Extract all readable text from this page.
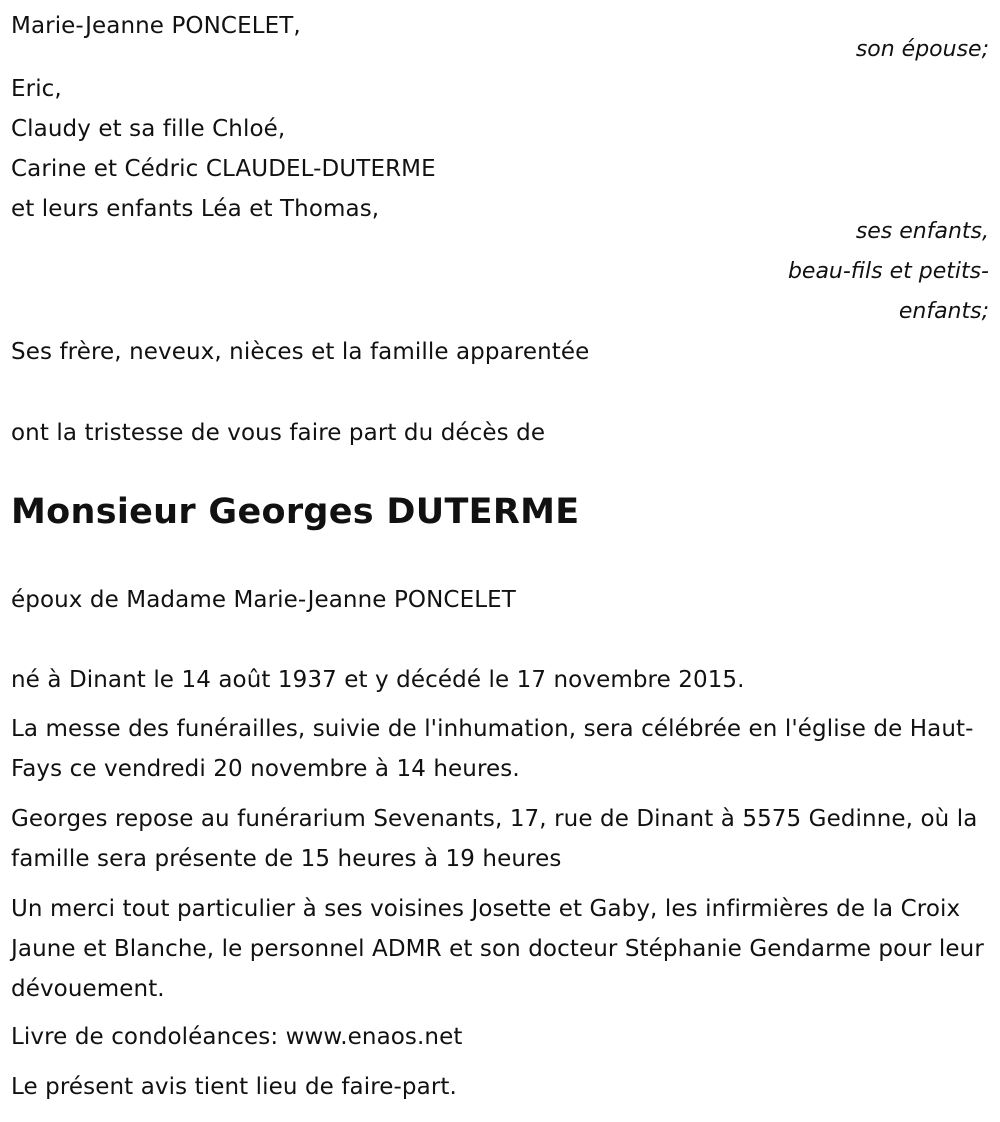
Marie-Jeanne PONCELET,
son épouse;
Eric,
Claudy et sa fille Chloé,
Carine et Cédric CLAUDEL-DUTERME
et leurs enfants Léa et Thomas,
ses enfants,
beau-fils et petits-
enfants;
Ses frère, neveux, nièces et la famille apparentée
ont la tristesse de vous faire part du décès de
Monsieur Georges DUTERME
époux de Madame Marie-Jeanne PONCELET
né à Dinant le 14 août 1937 et y décédé le 17 novembre 2015.
La messe des funérailles, suivie de l'inhumation, sera célébrée en l'église de Haut-Fays ce vendredi 20 novembre à 14 heures.
Georges repose au funérarium Sevenants, 17, rue de Dinant à 5575 Gedinne, où la famille sera présente de 15 heures à 19 heures
Un merci tout particulier à ses voisines Josette et Gaby, les infirmières de la Croix Jaune et Blanche, le personnel ADMR et son docteur Stéphanie Gendarme pour leur dévouement.
Livre de condoléances: www.enaos.net
Le présent avis tient lieu de faire-part.
